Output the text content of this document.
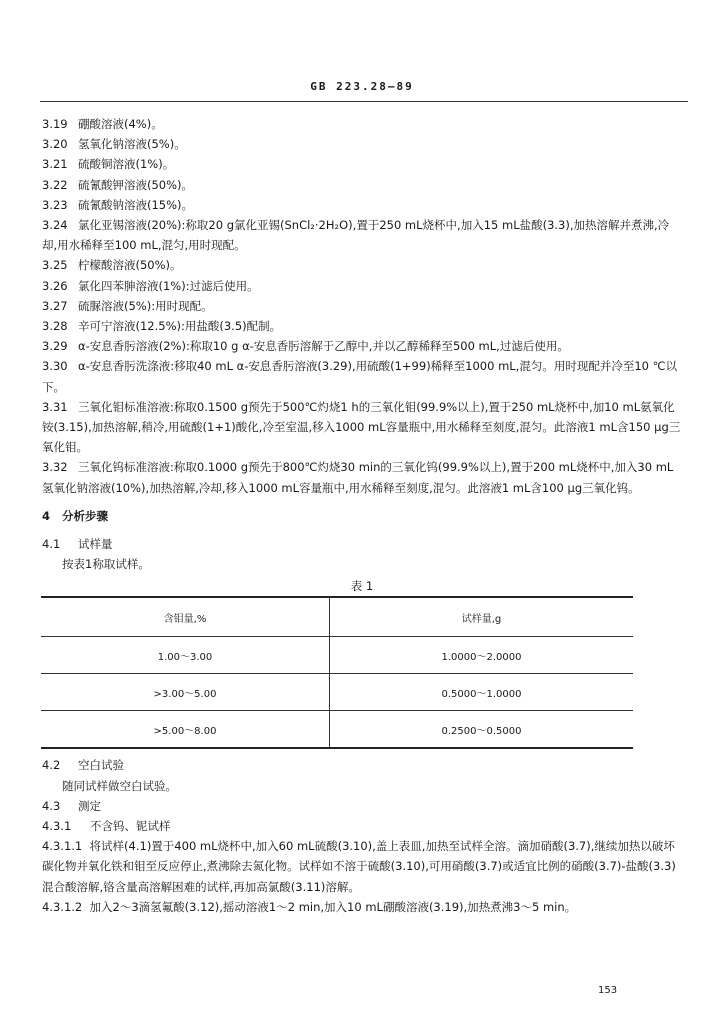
GB 223.28—89

3.19 硼酸溶液(4%)。

3.20 氢氧化钠溶液(5%)。

3.21 硫酸铜溶液(1%)。

3.22 硫氰酸钾溶液(50%)。

3.23 硫氰酸钠溶液(15%)。

3.24 氯化亚锡溶液(20%):称取20 g氯化亚锡(SnCl₂·2H₂O),置于250 mL烧杯中,加入15 mL盐酸(3.3),加热溶解并煮沸,冷却,用水稀释至100 mL,混匀,用时现配。

3.25 柠檬酸溶液(50%)。

3.26 氯化四苯胂溶液(1%):过滤后使用。

3.27 硫脲溶液(5%):用时现配。

3.28 辛可宁溶液(12.5%):用盐酸(3.5)配制。

3.29 α-安息香肟溶液(2%):称取10 g α-安息香肟溶解于乙醇中,并以乙醇稀释至500 mL,过滤后使用。

3.30 α-安息香肟洗涤液:移取40 mL α-安息香肟溶液(3.29),用硫酸(1+99)稀释至1000 mL,混匀。用时现配并冷至10 ℃以下。

3.31 三氧化钼标准溶液:称取0.1500 g预先于500℃灼烧1 h的三氧化钼(99.9%以上),置于250 mL烧杯中,加10 mL氨氧化铵(3.15),加热溶解,稍冷,用硫酸(1+1)酸化,冷至室温,移入1000 mL容量瓶中,用水稀释至刻度,混匀。此溶液1 mL含150 μg三氧化钼。

3.32 三氧化钨标准溶液:称取0.1000 g预先于800℃灼烧30 min的三氧化钨(99.9%以上),置于200 mL烧杯中,加入30 mL氢氧化钠溶液(10%),加热溶解,冷却,移入1000 mL容量瓶中,用水稀释至刻度,混匀。此溶液1 mL含100 μg三氧化钨。

4 分析步骤

4.1 试样量

按表1称取试样。

表 1
含钼量,%	试样量,g
1.00～3.00	1.0000～2.0000
>3.00～5.00	0.5000～1.0000
>5.00～8.00	0.2500～0.5000

4.2 空白试验

随同试样做空白试验。

4.3 测定

4.3.1 不含钨、铌试样

4.3.1.1 将试样(4.1)置于400 mL烧杯中,加入60 mL硫酸(3.10),盖上表皿,加热至试样全溶。滴加硝酸(3.7),继续加热以破坏碳化物并氧化铁和钼至反应停止,煮沸除去氮化物。试样如不溶于硫酸(3.10),可用硝酸(3.7)或适宜比例的硝酸(3.7)-盐酸(3.3)混合酸溶解,铬含量高溶解困难的试样,再加高氯酸(3.11)溶解。

4.3.1.2 加入2～3滴氢氟酸(3.12),摇动溶液1～2 min,加入10 mL硼酸溶液(3.19),加热煮沸3～5 min。

153
